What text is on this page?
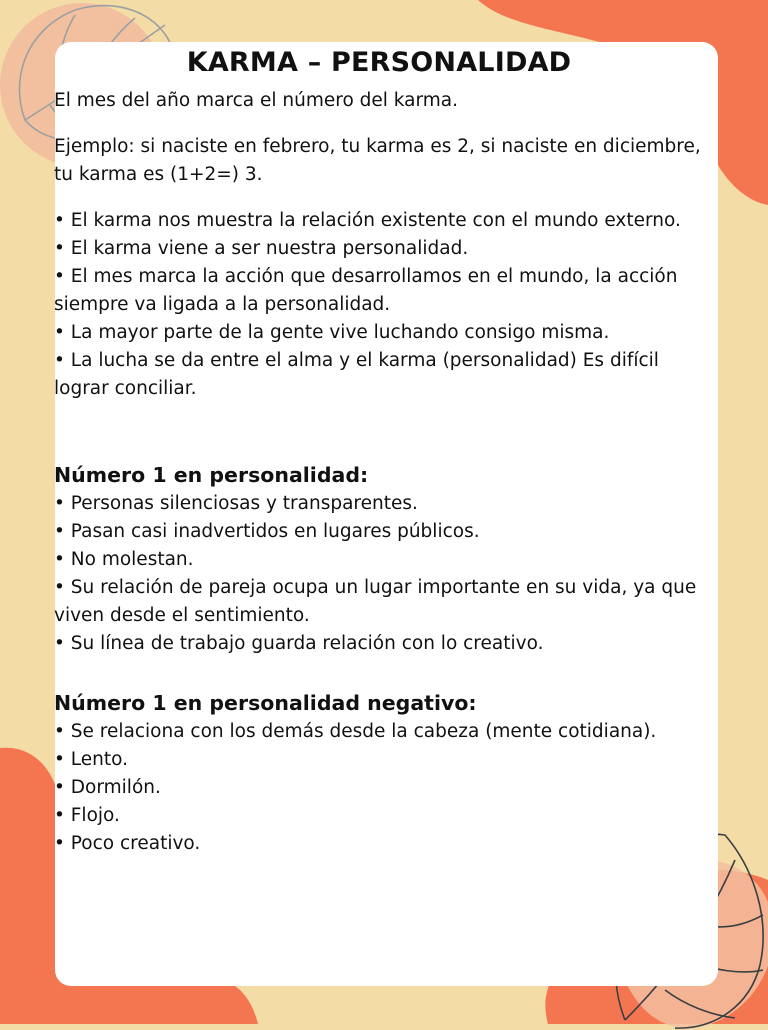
KARMA – PERSONALIDAD

El mes del año marca el número del karma.

Ejemplo: si naciste en febrero, tu karma es 2, si naciste en diciembre, tu karma es (1+2=) 3.

• El karma nos muestra la relación existente con el mundo externo.

• El karma viene a ser nuestra personalidad.

• El mes marca la acción que desarrollamos en el mundo, la acción siempre va ligada a la personalidad.

• La mayor parte de la gente vive luchando consigo misma.

• La lucha se da entre el alma y el karma (personalidad) Es difícil lograr conciliar.

Número 1 en personalidad:

• Personas silenciosas y transparentes.

• Pasan casi inadvertidos en lugares públicos.

• No molestan.

• Su relación de pareja ocupa un lugar importante en su vida, ya que viven desde el sentimiento.

• Su línea de trabajo guarda relación con lo creativo.

Número 1 en personalidad negativo:

• Se relaciona con los demás desde la cabeza (mente cotidiana).

• Lento.

• Dormilón.

• Flojo.

• Poco creativo.
